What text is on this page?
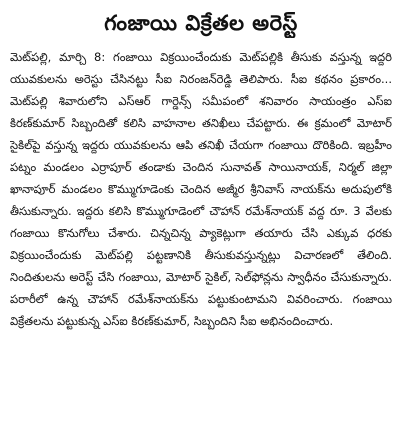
గంజాయి విక్రేతల అరెస్ట్

మెట్‌పల్లి, మార్చి 8: గంజాయి విక్రయించేందుకు మెట్‌పల్లికి తీసుకు వస్తున్న ఇద్దరి యువకులను అరెస్టు చేసినట్టు సీఐ నిరంజన్‌రెడ్డి తెలిపారు. సీఐ కథనం ప్రకారం... మెట్‌పల్లి శివారులోని ఎస్‌ఆర్ గార్డెన్స్ సమీపంలో శనివారం సాయంత్రం ఎస్‌ఐ కిరణ్‌కుమార్ సిబ్బందితో కలిసి వాహనాల తనిఖీలు చేపట్టారు. ఈ క్రమంలో మోటార్ సైకిల్‌పై వస్తున్న ఇద్దరు యువకులను ఆపి తనిఖీ చేయగా గంజాయి దొరికింది. ఇబ్రహీం పట్నం మండలం ఎర్రాపూర్ తండాకు చెందిన సునావత్ సాయినాయక్, నిర్మల్ జిల్లా ఖానాపూర్ మండలం కొమ్ముగూడెంకు చెందిన అజ్మీర శ్రీనివాస్ నాయక్‌ను అదుపులోకి తీసుకున్నారు. ఇద్దరు కలిసి కొమ్ముగూడెంలో చౌహాన్ రమేశ్‌నాయక్ వద్ద రూ. 3 వేలకు గంజాయి కొనుగోలు చేశారు. చిన్నచిన్న ప్యాకెట్లుగా తయారు చేసి ఎక్కువ ధరకు విక్రయించేందుకు మెట్‌పల్లి పట్టణానికి తీసుకువస్తున్నట్లు విచారణలో తేలింది. నిందితులను అరెస్ట్ చేసి గంజాయి, మోటార్ సైకిల్, సెల్‌ఫోన్లను స్వాధీనం చేసుకున్నారు. పరారీలో ఉన్న చౌహాన్ రమేశ్‌నాయక్‌ను పట్టుకుంటామని వివరించారు. గంజాయి విక్రేతలను పట్టుకున్న ఎస్ఐ కిరణ్‌కుమార్, సిబ్బందిని సీఐ అభినందించారు.
